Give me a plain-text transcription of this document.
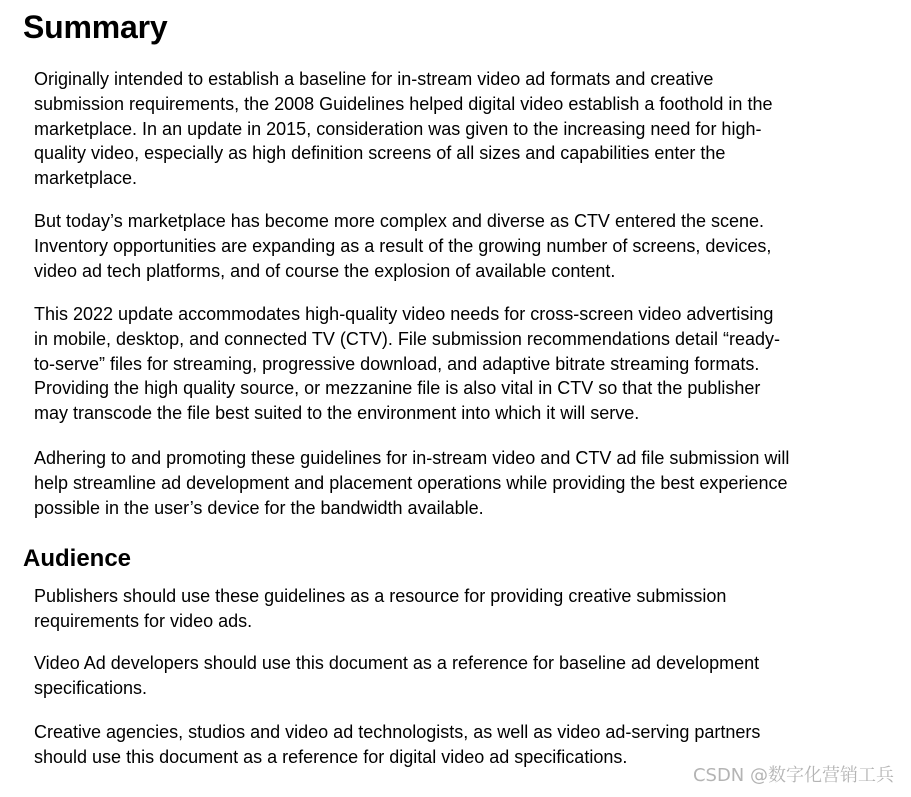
Summary

Originally intended to establish a baseline for in-stream video ad formats and creative
submission requirements, the 2008 Guidelines helped digital video establish a foothold in the
marketplace. In an update in 2015, consideration was given to the increasing need for high-
quality video, especially as high definition screens of all sizes and capabilities enter the
marketplace.

But today’s marketplace has become more complex and diverse as CTV entered the scene.
Inventory opportunities are expanding as a result of the growing number of screens, devices,
video ad tech platforms, and of course the explosion of available content.

This 2022 update accommodates high-quality video needs for cross-screen video advertising
in mobile, desktop, and connected TV (CTV). File submission recommendations detail “ready-
to-serve” files for streaming, progressive download, and adaptive bitrate streaming formats.
Providing the high quality source, or mezzanine file is also vital in CTV so that the publisher
may transcode the file best suited to the environment into which it will serve.

Adhering to and promoting these guidelines for in-stream video and CTV ad file submission will
help streamline ad development and placement operations while providing the best experience
possible in the user’s device for the bandwidth available.

Audience

Publishers should use these guidelines as a resource for providing creative submission
requirements for video ads.

Video Ad developers should use this document as a reference for baseline ad development
specifications.

Creative agencies, studios and video ad technologists, as well as video ad-serving partners
should use this document as a reference for digital video ad specifications.

CSDN @数字化营销工兵
